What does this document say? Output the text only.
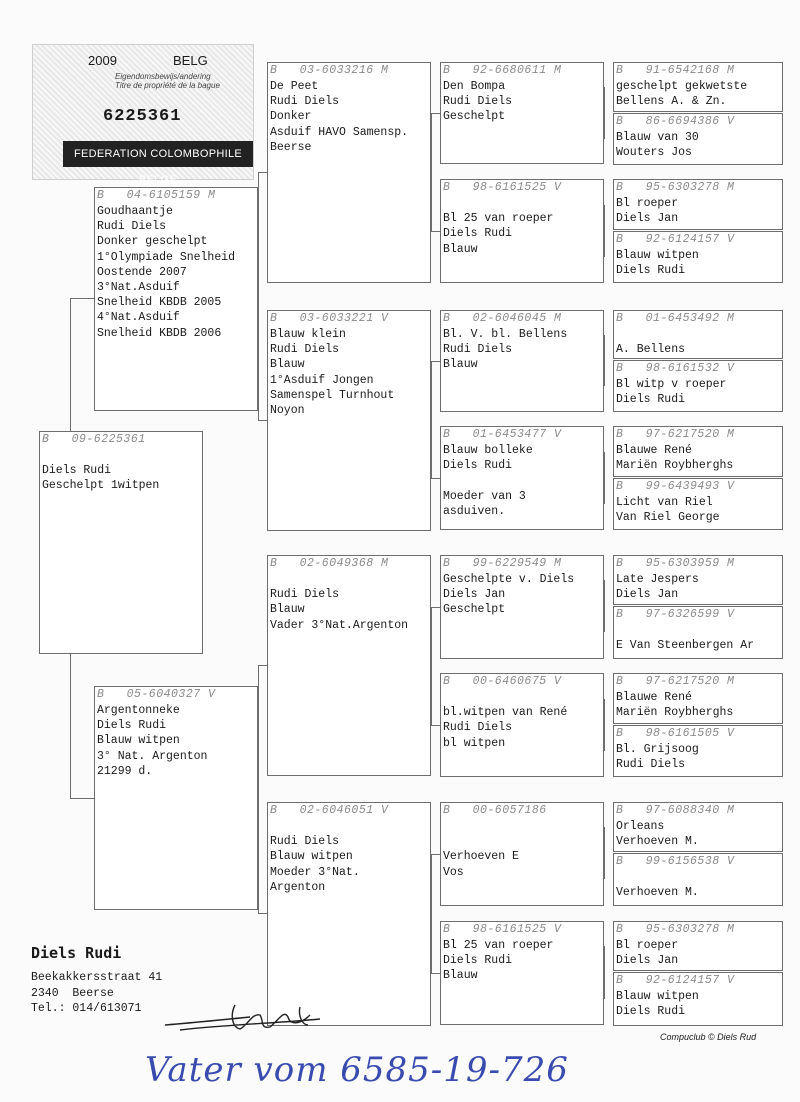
2009	BELG
Eigendomsbewijs/andering
Titre de propriété de la bague
6225361
FEDERATION COLOMBOPHILE BELGE
B   09-6225361

Diels Rudi
Geschelpt 1witpen
B   04-6105159 M
Goudhaantje
Rudi Diels
Donker geschelpt
1°Olympiade Snelheid
Oostende 2007
3°Nat.Asduif
Snelheid KBDB 2005
4°Nat.Asduif
Snelheid KBDB 2006
B   05-6040327 V
Argentonneke
Diels Rudi
Blauw witpen
3° Nat. Argenton
21299 d.
B   03-6033216 M
De Peet
Rudi Diels
Donker
Asduif HAVO Samensp.
Beerse
B   03-6033221 V
Blauw klein
Rudi Diels
Blauw
1°Asduif Jongen
Samenspel Turnhout
Noyon
B   02-6049368 M

Rudi Diels
Blauw
Vader 3°Nat.Argenton
B   02-6046051 V

Rudi Diels
Blauw witpen
Moeder 3°Nat.
Argenton
B   92-6680611 M
Den Bompa
Rudi Diels
Geschelpt
B   98-6161525 V

Bl 25 van roeper
Diels Rudi
Blauw
B   02-6046045 M
Bl. V. bl. Bellens
Rudi Diels
Blauw
B   01-6453477 V
Blauw bolleke
Diels Rudi

Moeder van 3
asduiven.
B   99-6229549 M
Geschelpte v. Diels
Diels Jan
Geschelpt
B   00-6460675 V

bl.witpen van René
Rudi Diels
bl witpen
B   00-6057186

Verhoeven E
Vos
B   98-6161525 V
Bl 25 van roeper
Diels Rudi
Blauw
B   91-6542168 M
geschelpt gekwetste
Bellens A. & Zn.
B   86-6694386 V
Blauw van 30
Wouters Jos
B   95-6303278 M
Bl roeper
Diels Jan
B   92-6124157 V
Blauw witpen
Diels Rudi
B   01-6453492 M

A. Bellens
B   98-6161532 V
Bl witp v roeper
Diels Rudi
B   97-6217520 M
Blauwe René
Mariën Roybherghs
B   99-6439493 V
Licht van Riel
Van Riel George
B   95-6303959 M
Late Jespers
Diels Jan
B   97-6326599 V

E Van Steenbergen Ar
B   97-6217520 M
Blauwe René
Mariën Roybherghs
B   98-6161505 V
Bl. Grijsoog
Rudi Diels
B   97-6088340 M
Orleans
Verhoeven M.
B   99-6156538 V

Verhoeven M.
B   95-6303278 M
Bl roeper
Diels Jan
B   92-6124157 V
Blauw witpen
Diels Rudi
Diels Rudi
Beekakkersstraat 41
2340  Beerse
Tel.: 014/613071
Compuclub © Diels Rud
Vater vom 6585-19-726
